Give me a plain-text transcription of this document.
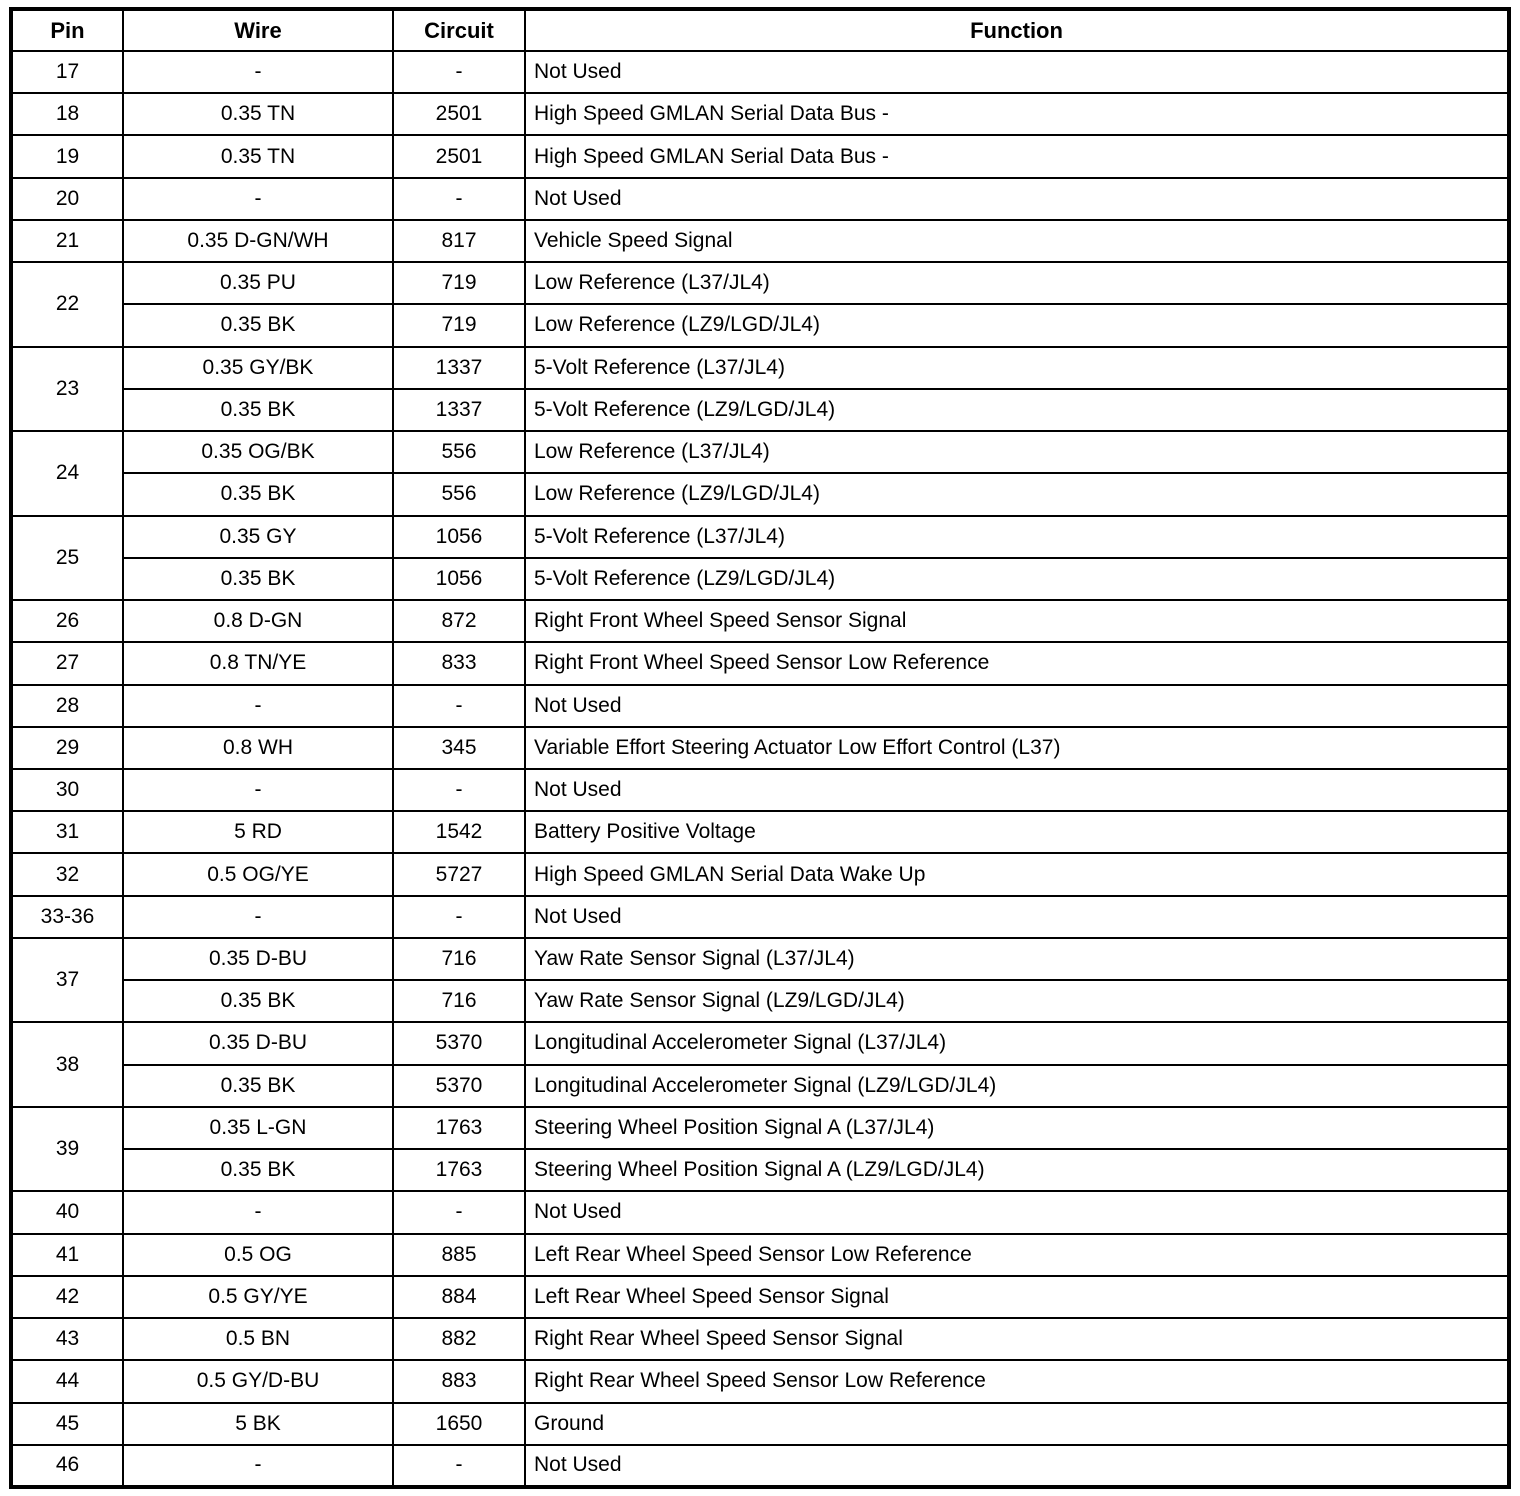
Pin	Wire	Circuit	Function
17	-	-	Not Used
18	0.35 TN	2501	High Speed GMLAN Serial Data Bus -
19	0.35 TN	2501	High Speed GMLAN Serial Data Bus -
20	-	-	Not Used
21	0.35 D-GN/WH	817	Vehicle Speed Signal
22	0.35 PU	719	Low Reference (L37/JL4)
	0.35 BK	719	Low Reference (LZ9/LGD/JL4)
23	0.35 GY/BK	1337	5-Volt Reference (L37/JL4)
	0.35 BK	1337	5-Volt Reference (LZ9/LGD/JL4)
24	0.35 OG/BK	556	Low Reference (L37/JL4)
	0.35 BK	556	Low Reference (LZ9/LGD/JL4)
25	0.35 GY	1056	5-Volt Reference (L37/JL4)
	0.35 BK	1056	5-Volt Reference (LZ9/LGD/JL4)
26	0.8 D-GN	872	Right Front Wheel Speed Sensor Signal
27	0.8 TN/YE	833	Right Front Wheel Speed Sensor Low Reference
28	-	-	Not Used
29	0.8 WH	345	Variable Effort Steering Actuator Low Effort Control (L37)
30	-	-	Not Used
31	5 RD	1542	Battery Positive Voltage
32	0.5 OG/YE	5727	High Speed GMLAN Serial Data Wake Up
33-36	-	-	Not Used
37	0.35 D-BU	716	Yaw Rate Sensor Signal (L37/JL4)
	0.35 BK	716	Yaw Rate Sensor Signal (LZ9/LGD/JL4)
38	0.35 D-BU	5370	Longitudinal Accelerometer Signal (L37/JL4)
	0.35 BK	5370	Longitudinal Accelerometer Signal (LZ9/LGD/JL4)
39	0.35 L-GN	1763	Steering Wheel Position Signal A (L37/JL4)
	0.35 BK	1763	Steering Wheel Position Signal A (LZ9/LGD/JL4)
40	-	-	Not Used
41	0.5 OG	885	Left Rear Wheel Speed Sensor Low Reference
42	0.5 GY/YE	884	Left Rear Wheel Speed Sensor Signal
43	0.5 BN	882	Right Rear Wheel Speed Sensor Signal
44	0.5 GY/D-BU	883	Right Rear Wheel Speed Sensor Low Reference
45	5 BK	1650	Ground
46	-	-	Not Used
